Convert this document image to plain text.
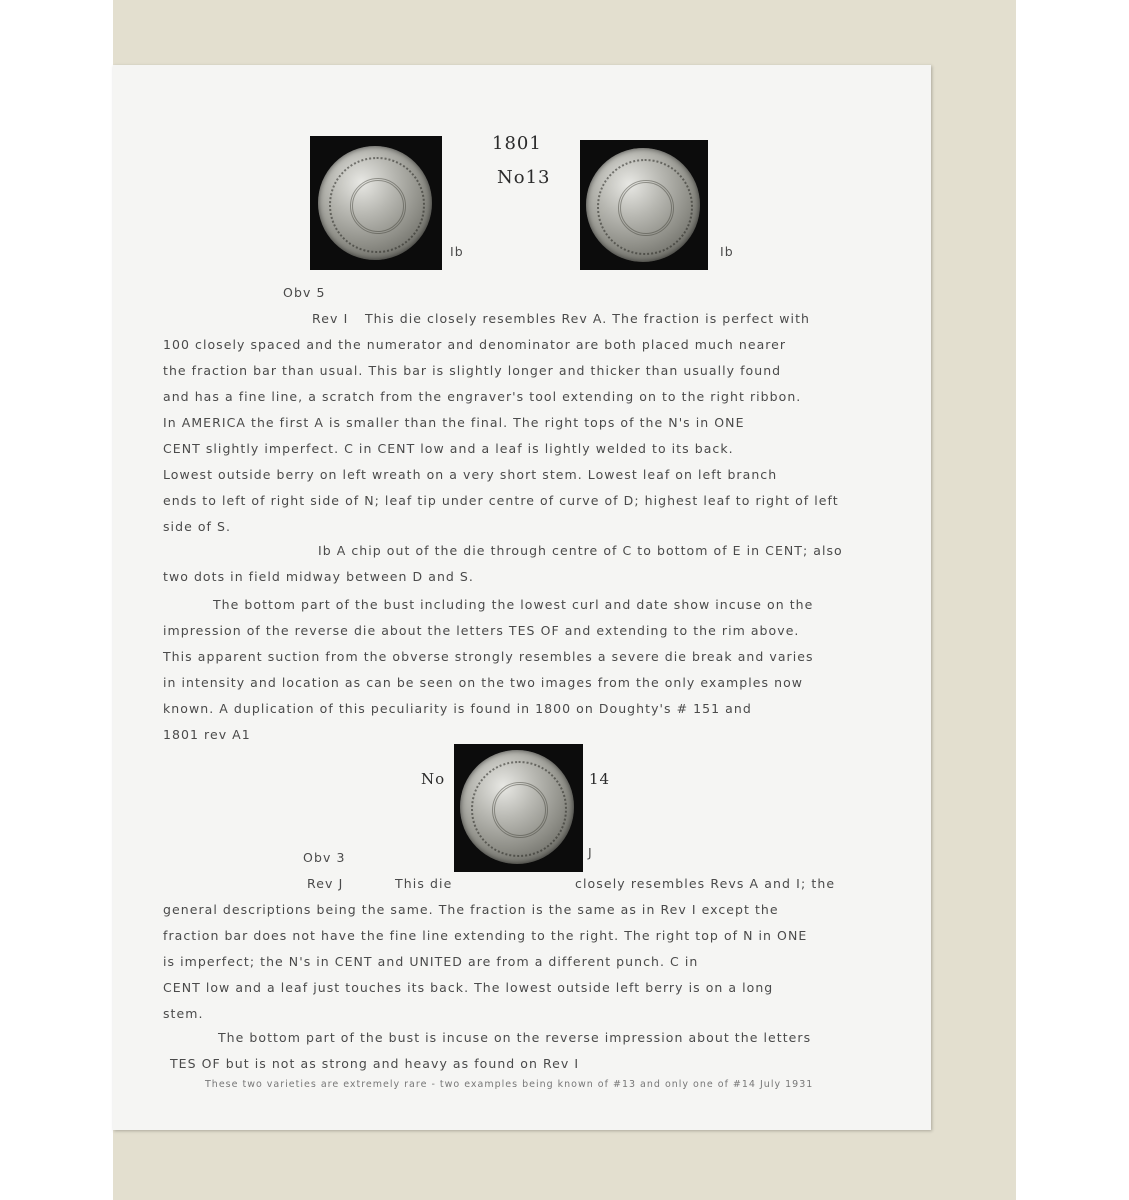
1801
No13
Ib	Ib
Obv 5
Rev I This die closely resembles Rev A. The fraction is perfect with
100 closely spaced and the numerator and denominator are both placed much nearer
the fraction bar than usual. This bar is slightly longer and thicker than usually found
and has a fine line, a scratch from the engraver's tool extending on to the right ribbon.
In AMERICA the first A is smaller than the final. The right tops of the N's in ONE
CENT slightly imperfect. C in CENT low and a leaf is lightly welded to its back.
Lowest outside berry on left wreath on a very short stem. Lowest leaf on left branch
ends to left of right side of N; leaf tip under centre of curve of D; highest leaf to right of left
side of S.
Ib A chip out of the die through centre of C to bottom of E in CENT; also
two dots in field midway between D and S.
The bottom part of the bust including the lowest curl and date show incuse on the
impression of the reverse die about the letters TES OF and extending to the rim above.
This apparent suction from the obverse strongly resembles a severe die break and varies
in intensity and location as can be seen on the two images from the only examples now
known. A duplication of this peculiarity is found in 1800 on Doughty's # 151 and
1801 rev A1
No	14
J
Obv 3
Rev J	This die	closely resembles Revs A and I; the
general descriptions being the same. The fraction is the same as in Rev I except the
fraction bar does not have the fine line extending to the right. The right top of N in ONE
is imperfect; the N's in CENT and UNITED are from a different punch. C in
CENT low and a leaf just touches its back. The lowest outside left berry is on a long
stem.
The bottom part of the bust is incuse on the reverse impression about the letters
TES OF but is not as strong and heavy as found on Rev I
These two varieties are extremely rare - two examples being known of #13 and only one of #14 July 1931
